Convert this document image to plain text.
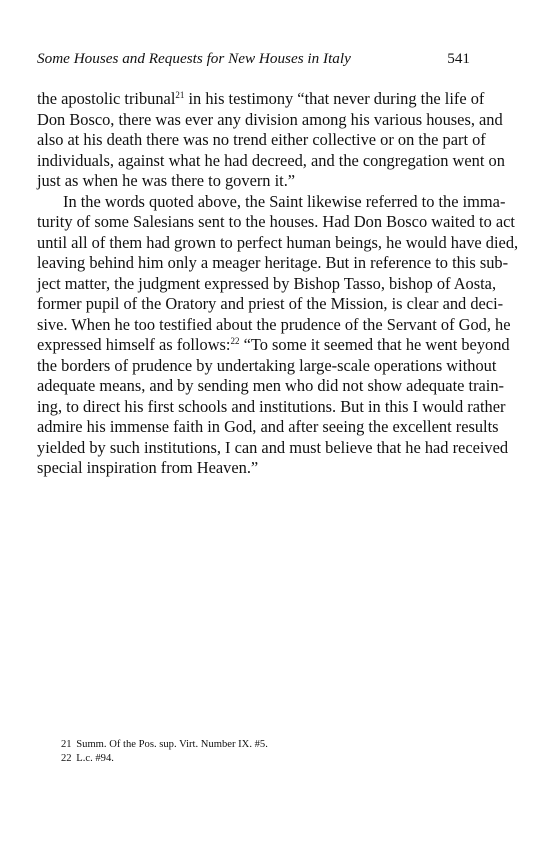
Some Houses and Requests for New Houses in Italy	541
the apostolic tribunal$^{21}$ in his testimony “that never during the life of
Don Bosco, there was ever any division among his various houses, and
also at his death there was no trend either collective or on the part of
individuals, against what he had decreed, and the congregation went on
just as when he was there to govern it.”
In the words quoted above, the Saint likewise referred to the imma-
turity of some Salesians sent to the houses. Had Don Bosco waited to act
until all of them had grown to perfect human beings, he would have died,
leaving behind him only a meager heritage. But in reference to this sub-
ject matter, the judgment expressed by Bishop Tasso, bishop of Aosta,
former pupil of the Oratory and priest of the Mission, is clear and deci-
sive. When he too testified about the prudence of the Servant of God, he
expressed himself as follows:$^{22}$ “To some it seemed that he went beyond
the borders of prudence by undertaking large-scale operations without
adequate means, and by sending men who did not show adequate train-
ing, to direct his first schools and institutions. But in this I would rather
admire his immense faith in God, and after seeing the excellent results
yielded by such institutions, I can and must believe that he had received
special inspiration from Heaven.”
21 Summ. Of the Pos. sup. Virt. Number IX. #5.
22 L.c. #94.
